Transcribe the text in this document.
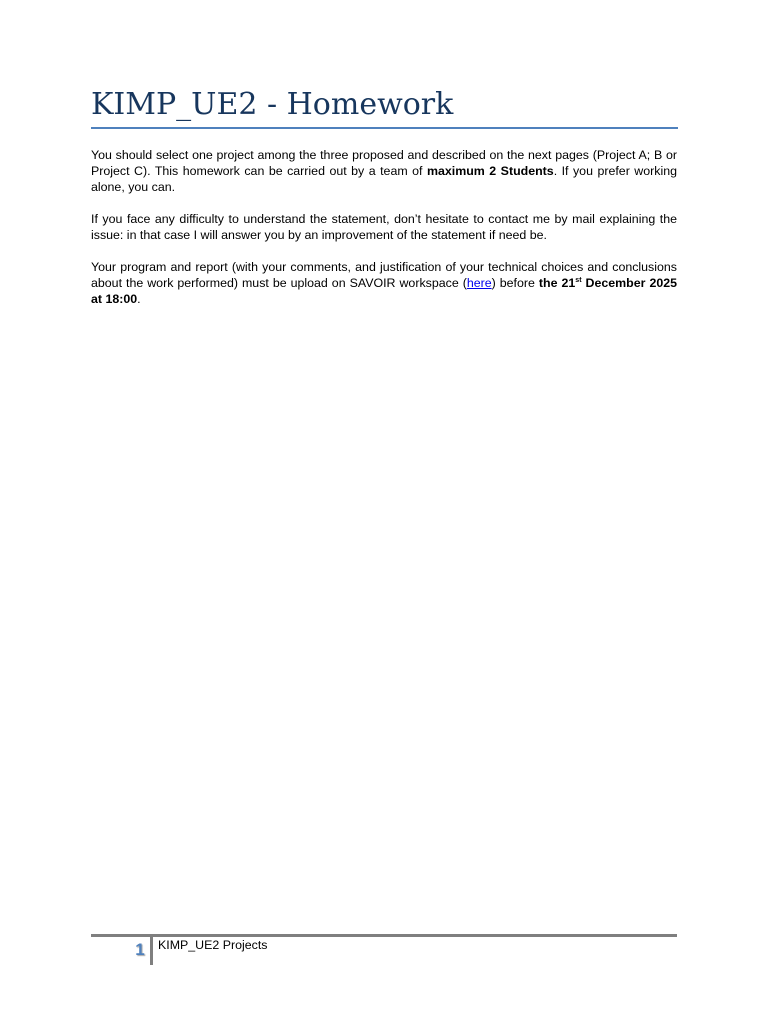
KIMP_UE2 - Homework

You should select one project among the three proposed and described on the next pages (Project A; B or Project C). This homework can be carried out by a team of maximum 2 Students. If you prefer working alone, you can.

If you face any difficulty to understand the statement, don’t hesitate to contact me by mail explaining the issue: in that case I will answer you by an improvement of the statement if need be.

Your program and report (with your comments, and justification of your technical choices and conclusions about the work performed) must be upload on SAVOIR workspace (here) before the 21st December 2025 at 18:00.

1	KIMP_UE2 Projects
